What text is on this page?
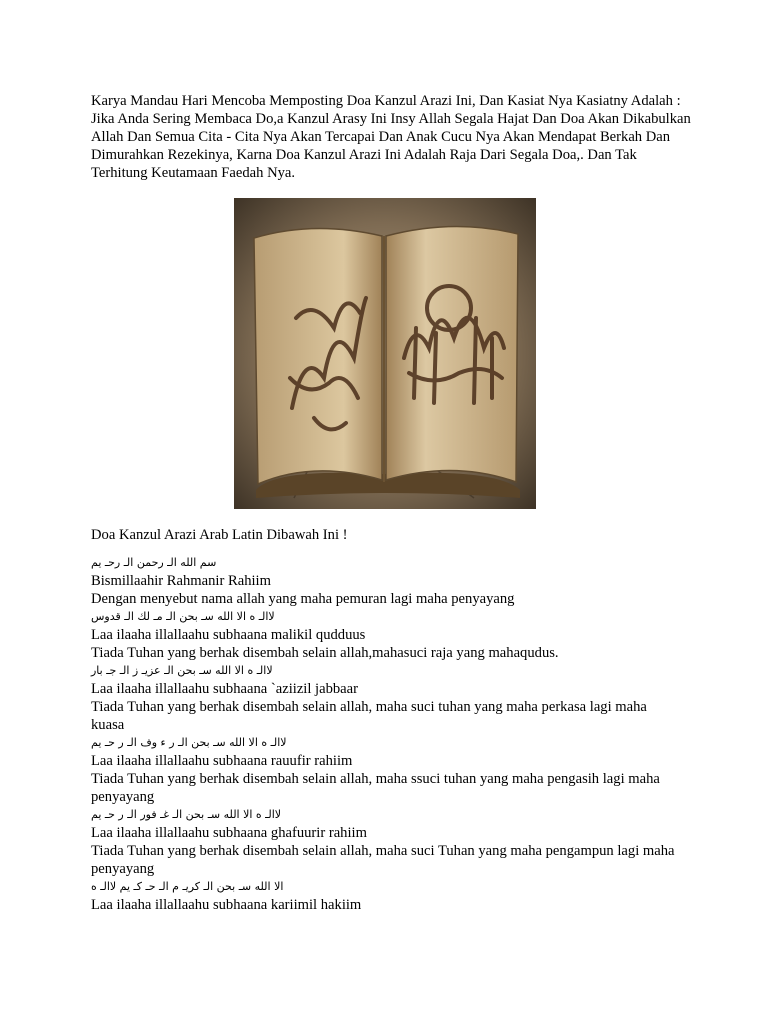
Karya Mandau Hari Mencoba Memposting Doa Kanzul Arazi Ini, Dan Kasiat Nya Kasiatny Adalah : Jika Anda Sering Membaca Do,a Kanzul Arasy Ini Insy Allah Segala Hajat Dan Doa Akan Dikabulkan Allah Dan Semua Cita - Cita Nya Akan Tercapai Dan Anak Cucu Nya Akan Mendapat Berkah Dan Dimurahkan Rezekinya, Karna Doa Kanzul Arazi Ini Adalah Raja Dari Segala Doa,. Dan Tak Terhitung Keutamaan Faedah Nya.

Doa Kanzul Arazi Arab Latin Dibawah Ini !

سم الله الـ رحمن الـ رحـ يم

Bismillaahir Rahmanir Rahiim

Dengan menyebut nama allah yang maha pemuran lagi maha penyayang

لاالـ ه الا الله سـ بحن الـ مـ لك الـ قدوس

Laa ilaaha illallaahu subhaana malikil qudduus

Tiada Tuhan yang berhak disembah selain allah,mahasuci raja yang mahaqudus.

لاالـ ه الا الله سـ بحن الـ عزيـ ز الـ جـ بار

Laa ilaaha illallaahu subhaana `aziizil jabbaar

Tiada Tuhan yang berhak disembah selain allah, maha suci tuhan yang maha perkasa lagi maha kuasa

لاالـ ه الا الله سـ بحن الـ ر ء وف الـ ر حـ يم

Laa ilaaha illallaahu subhaana rauufir rahiim

Tiada Tuhan yang berhak disembah selain allah, maha ssuci tuhan yang maha pengasih lagi maha penyayang

لاالـ ه الا الله سـ بحن الـ غـ فور الـ ر حـ يم

Laa ilaaha illallaahu subhaana ghafuurir rahiim

Tiada Tuhan yang berhak disembah selain allah, maha suci Tuhan yang maha pengampun lagi maha penyayang

الا الله سـ بحن الـ كريـ م الـ حـ كـ يم لاالـ ه

Laa ilaaha illallaahu subhaana kariimil hakiim
